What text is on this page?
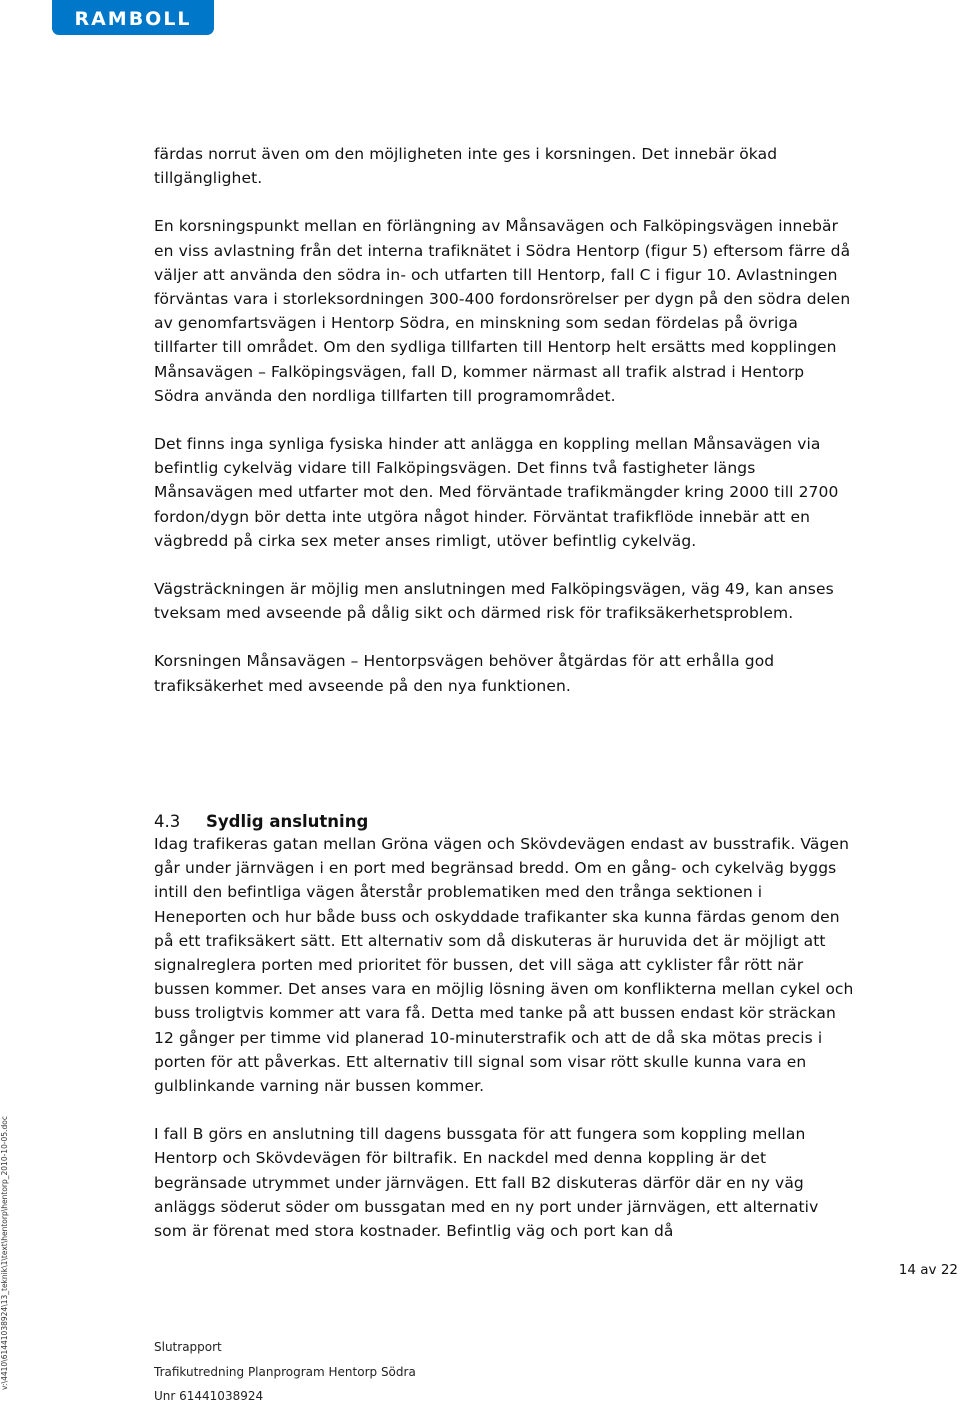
RAMBOLL

färdas norrut även om den möjligheten inte ges i korsningen. Det innebär ökad tillgänglighet.

En korsningspunkt mellan en förlängning av Månsavägen och Falköpingsvägen innebär en viss avlastning från det interna trafiknätet i Södra Hentorp (figur 5) eftersom färre då väljer att använda den södra in- och utfarten till Hentorp, fall C i figur 10. Avlastningen förväntas vara i storleksordningen 300-400 fordonsrörelser per dygn på den södra delen av genomfartsvägen i Hentorp Södra, en minskning som sedan fördelas på övriga tillfarter till området. Om den sydliga tillfarten till Hentorp helt ersätts med kopplingen Månsavägen – Falköpingsvägen, fall D, kommer närmast all trafik alstrad i Hentorp Södra använda den nordliga tillfarten till programområdet.

Det finns inga synliga fysiska hinder att anlägga en koppling mellan Månsavägen via befintlig cykelväg vidare till Falköpingsvägen. Det finns två fastigheter längs Månsavägen med utfarter mot den. Med förväntade trafikmängder kring 2000 till 2700 fordon/dygn bör detta inte utgöra något hinder. Förväntat trafikflöde innebär att en vägbredd på cirka sex meter anses rimligt, utöver befintlig cykelväg.

Vägsträckningen är möjlig men anslutningen med Falköpingsvägen, väg 49, kan anses tveksam med avseende på dålig sikt och därmed risk för trafiksäkerhetsproblem.

Korsningen Månsavägen – Hentorpsvägen behöver åtgärdas för att erhålla god trafiksäkerhet med avseende på den nya funktionen.

4.3 Sydlig anslutning

Idag trafikeras gatan mellan Gröna vägen och Skövdevägen endast av busstrafik. Vägen går under järnvägen i en port med begränsad bredd. Om en gång- och cykelväg byggs intill den befintliga vägen återstår problematiken med den trånga sektionen i Heneporten och hur både buss och oskyddade trafikanter ska kunna färdas genom den på ett trafiksäkert sätt. Ett alternativ som då diskuteras är huruvida det är möjligt att signalreglera porten med prioritet för bussen, det vill säga att cyklister får rött när bussen kommer. Det anses vara en möjlig lösning även om konflikterna mellan cykel och buss troligtvis kommer att vara få. Detta med tanke på att bussen endast kör sträckan 12 gånger per timme vid planerad 10-minuterstrafik och att de då ska mötas precis i porten för att påverkas. Ett alternativ till signal som visar rött skulle kunna vara en gulblinkande varning när bussen kommer.

I fall B görs en anslutning till dagens bussgata för att fungera som koppling mellan Hentorp och Skövdevägen för biltrafik. En nackdel med denna koppling är det begränsade utrymmet under järnvägen. Ett fall B2 diskuteras därför där en ny väg anläggs söderut söder om bussgatan med en ny port under järnvägen, ett alternativ som är förenat med stora kostnader. Befintlig väg och port kan då

14 av 22
v:\4410\61441038924\13_teknik\1\text\hentorp\hentorp_2010-10-05.doc	Slutrapport
Trafikutredning Planprogram Hentorp Södra
Unr 61441038924
